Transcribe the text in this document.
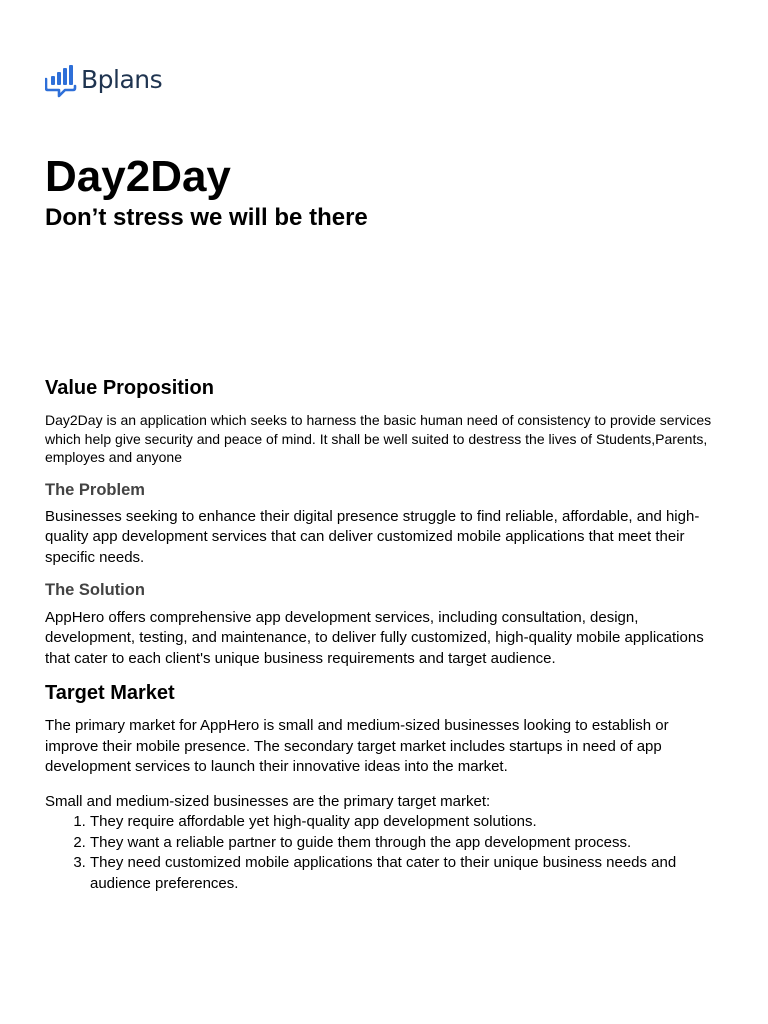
Bplans
Day2Day
Don’t stress we will be there
Value Proposition

Day2Day is an application which seeks to harness the basic human need of consistency to provide services which help give security and peace of mind. It shall be well suited to destress the lives of Students,Parents, employes and anyone

The Problem

Businesses seeking to enhance their digital presence struggle to find reliable, affordable, and high-quality app development services that can deliver customized mobile applications that meet their specific needs.

The Solution

AppHero offers comprehensive app development services, including consultation, design, development, testing, and maintenance, to deliver fully customized, high-quality mobile applications that cater to each client's unique business requirements and target audience.

Target Market

The primary market for AppHero is small and medium-sized businesses looking to establish or improve their mobile presence. The secondary target market includes startups in need of app development services to launch their innovative ideas into the market.

Small and medium-sized businesses are the primary target market:

1. They require affordable yet high-quality app development solutions.
2. They want a reliable partner to guide them through the app development process.
3. They need customized mobile applications that cater to their unique business needs and audience preferences.
